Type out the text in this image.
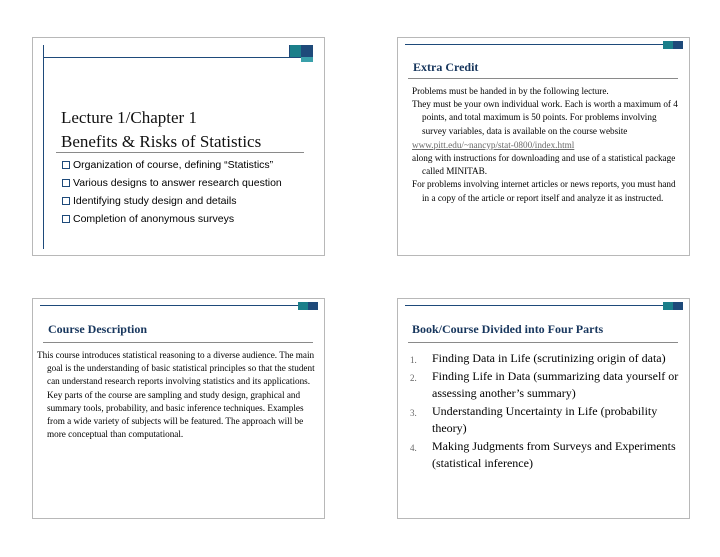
Lecture 1/Chapter 1
Benefits & Risks of Statistics
Organization of course, defining “Statistics”
Various designs to answer research question
Identifying study design and details
Completion of anonymous surveys
Extra Credit

Problems must be handed in by the following lecture.

They must be your own individual work. Each is worth a maximum of 4 points, and total maximum is 50 points. For problems involving survey variables, data is available on the course website

www.pitt.edu/~nancyp/stat-0800/index.html

along with instructions for downloading and use of a statistical package called MINITAB.

For problems involving internet articles or news reports, you must hand in a copy of the article or report itself and analyze it as instructed.

Course Description

This course introduces statistical reasoning to a diverse audience. The main goal is the understanding of basic statistical principles so that the student can understand research reports involving statistics and its applications. Key parts of the course are sampling and study design, graphical and summary tools, probability, and basic inference techniques. Examples from a wide variety of subjects will be featured. The approach will be more conceptual than computational.

Book/Course Divided into Four Parts
1. Finding Data in Life (scrutinizing origin of data)
2. Finding Life in Data (summarizing data yourself or assessing another’s summary)
3. Understanding Uncertainty in Life (probability theory)
4. Making Judgments from Surveys and Experiments (statistical inference)
